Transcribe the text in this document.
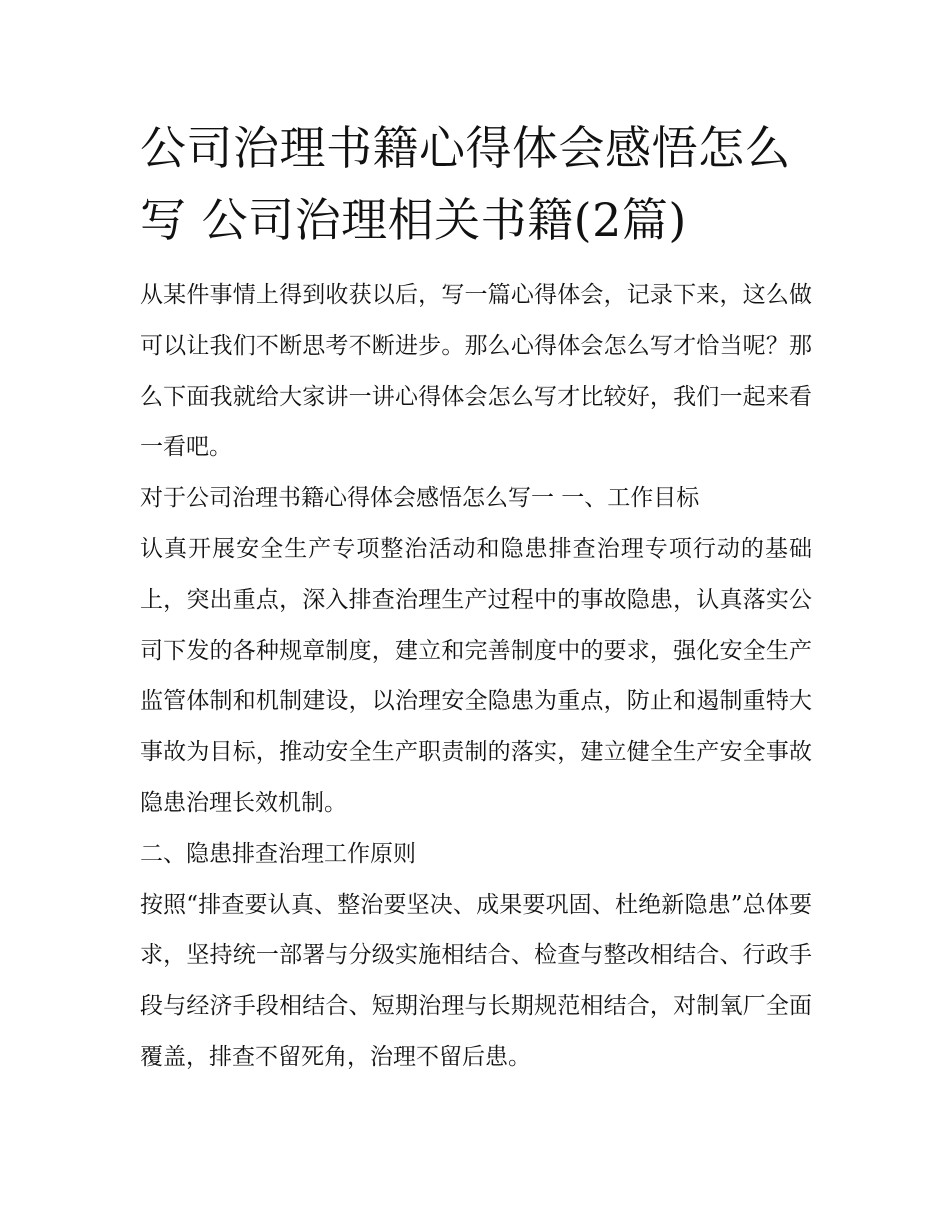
公司治理书籍心得体会感悟怎么写 公司治理相关书籍(2篇)

从某件事情上得到收获以后，写一篇心得体会，记录下来，这么做可以让我们不断思考不断进步。那么心得体会怎么写才恰当呢？那么下面我就给大家讲一讲心得体会怎么写才比较好，我们一起来看一看吧。

对于公司治理书籍心得体会感悟怎么写一 一、工作目标

认真开展安全生产专项整治活动和隐患排查治理专项行动的基础上，突出重点，深入排查治理生产过程中的事故隐患，认真落实公司下发的各种规章制度，建立和完善制度中的要求，强化安全生产监管体制和机制建设，以治理安全隐患为重点，防止和遏制重特大事故为目标，推动安全生产职责制的落实，建立健全生产安全事故隐患治理长效机制。

二、隐患排查治理工作原则

按照“排查要认真、整治要坚决、成果要巩固、杜绝新隐患”总体要求，坚持统一部署与分级实施相结合、检查与整改相结合、行政手段与经济手段相结合、短期治理与长期规范相结合，对制氧厂全面覆盖，排查不留死角，治理不留后患。
